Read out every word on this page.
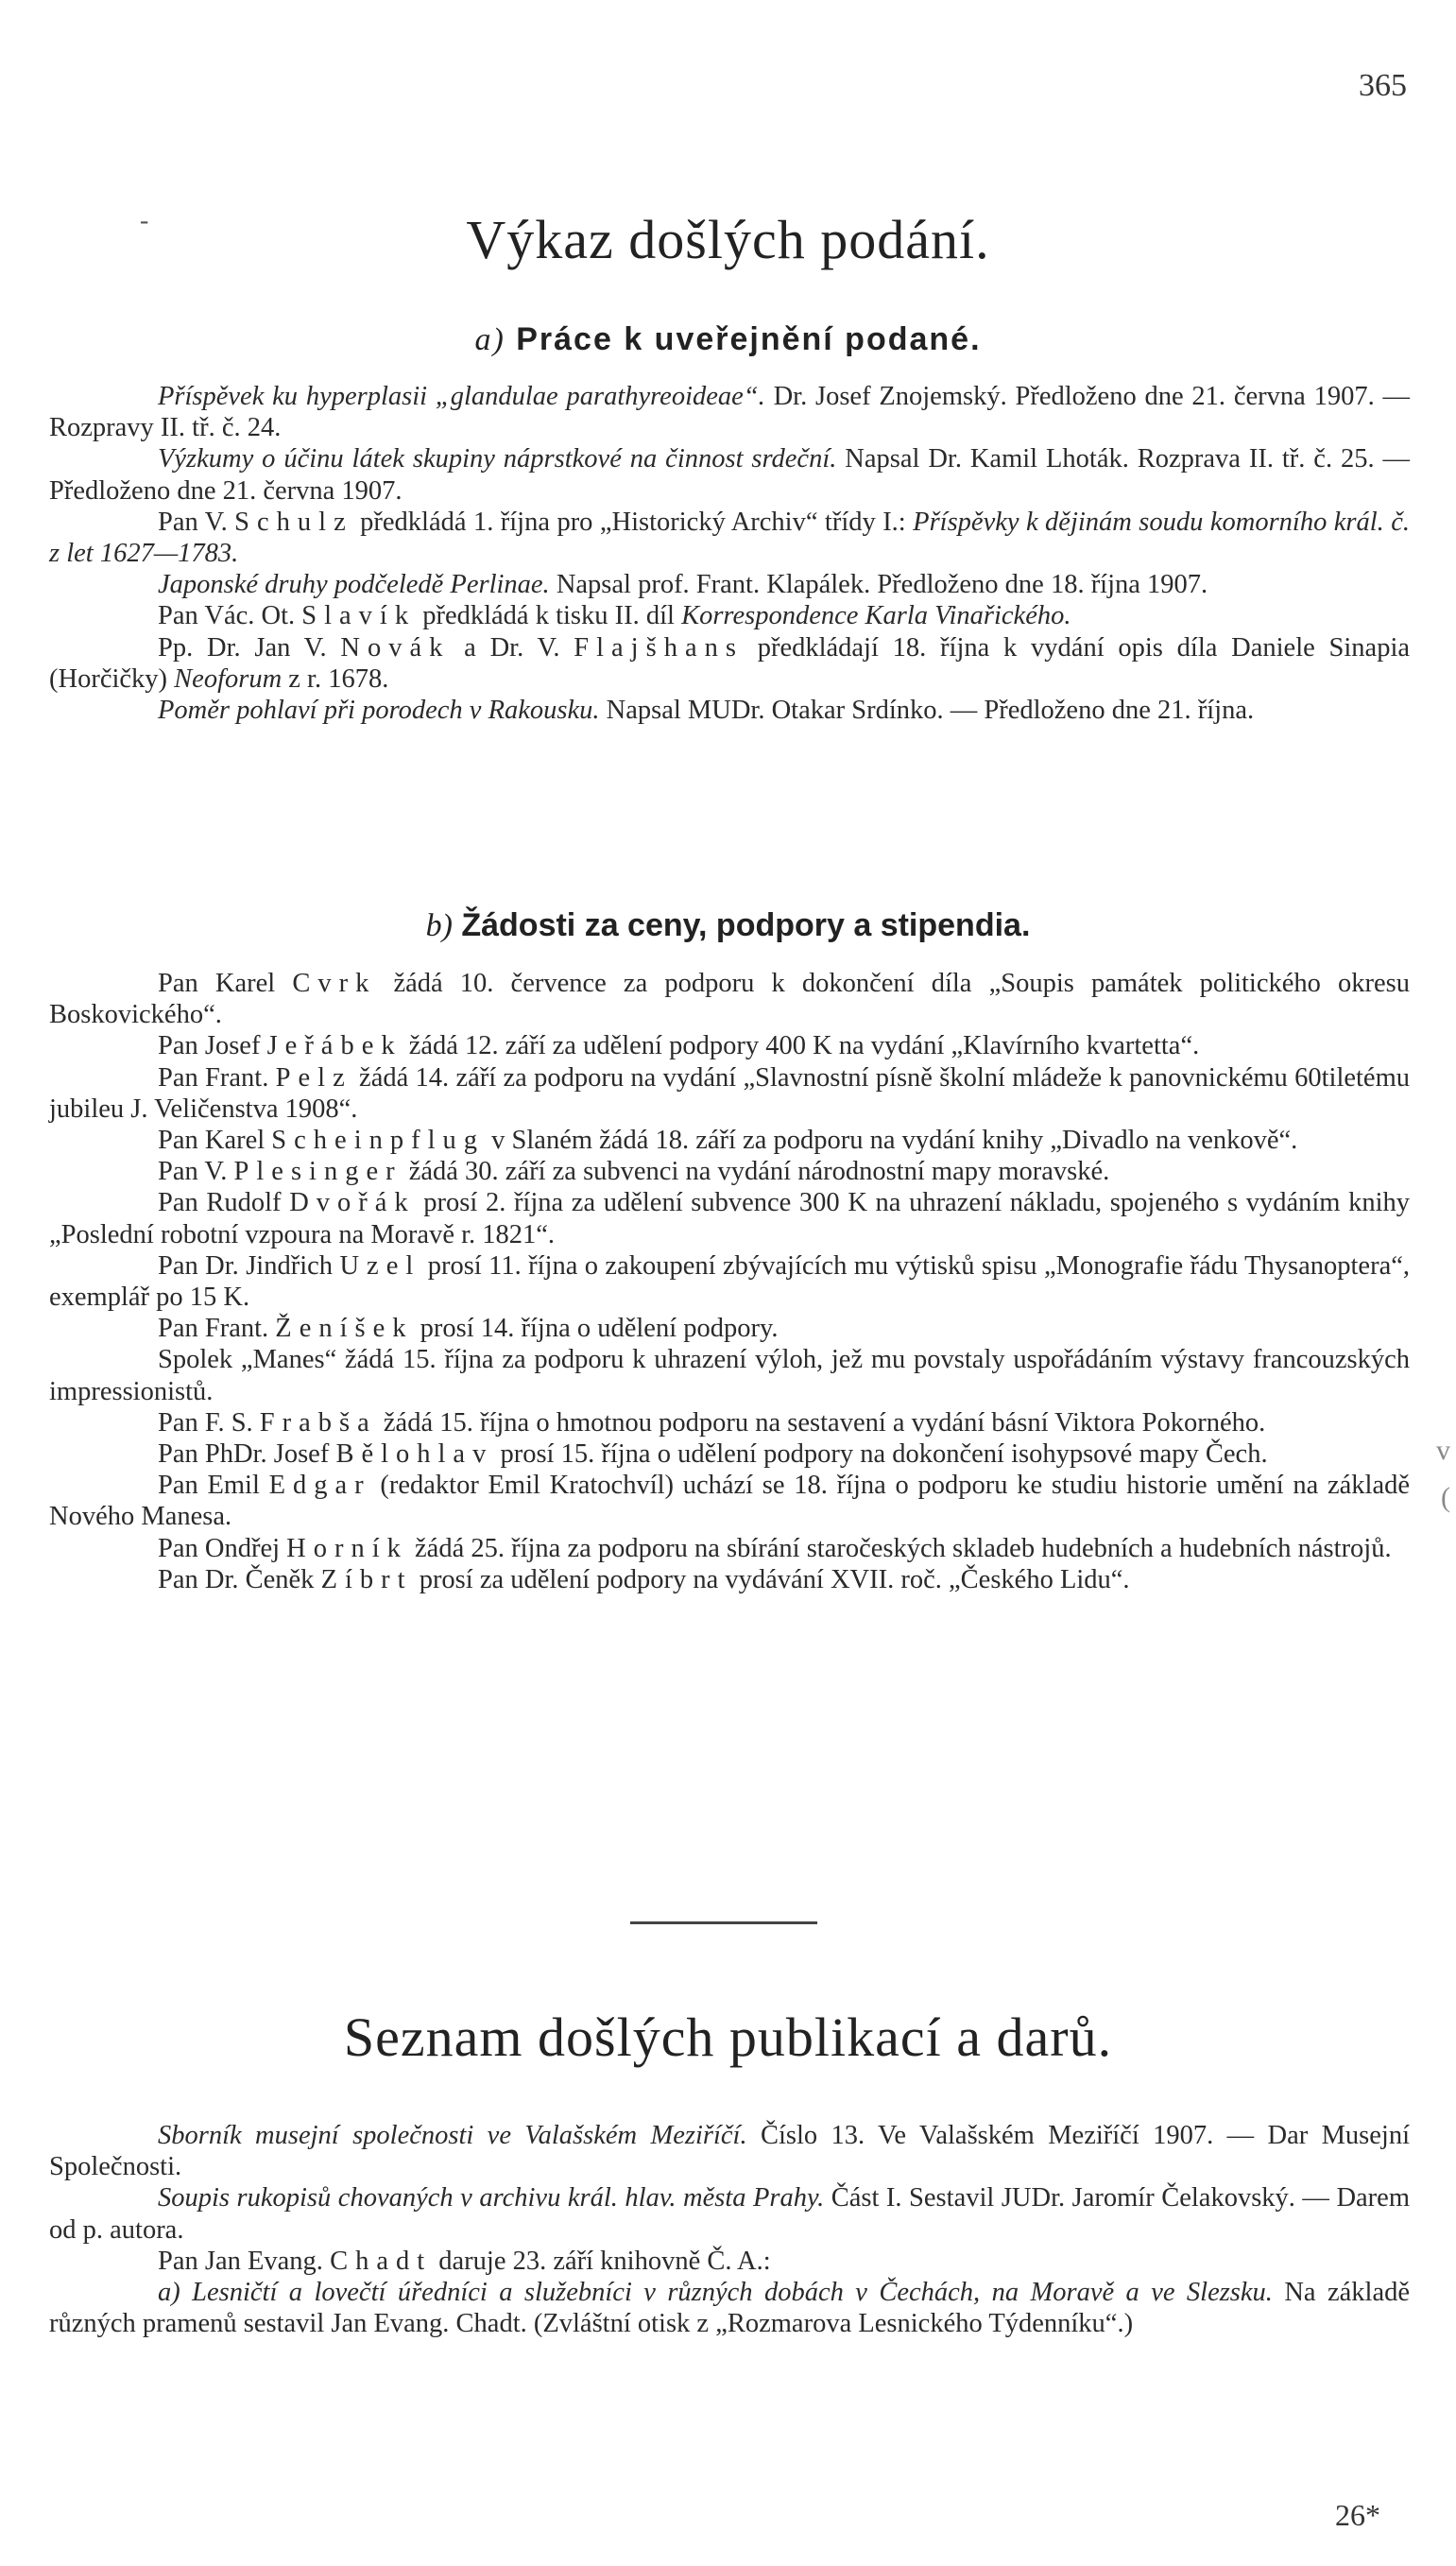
365
-	Výkaz došlých podání.
a) Práce k uveřejnění podané.

Příspěvek ku hyperplasii „glandulae parathyreoideae“. Dr. Josef Znojemský. Předloženo dne 21. června 1907. — Rozpravy II. tř. č. 24.

Výzkumy o účinu látek skupiny náprstkové na činnost srdeční. Napsal Dr. Kamil Lhoták. Rozprava II. tř. č. 25. — Předloženo dne 21. června 1907.

Pan V. Schulz předkládá 1. října pro „Historický Archiv“ třídy I.: Příspěvky k dějinám soudu komorního král. č. z let 1627—1783.

Japonské druhy podčeledě Perlinae. Napsal prof. Frant. Klapálek. Předloženo dne 18. října 1907.

Pan Vác. Ot. Slavík předkládá k tisku II. díl Korrespondence Karla Vinařického.

Pp. Dr. Jan V. Novák a Dr. V. Flajšhans předkládají 18. října k vydání opis díla Daniele Sinapia (Horčičky) Neoforum z r. 1678.

Poměr pohlaví při porodech v Rakousku. Napsal MUDr. Otakar Srdínko. — Předloženo dne 21. října.

b) Žádosti za ceny, podpory a stipendia.

Pan Karel Cvrk žádá 10. července za podporu k dokončení díla „Soupis památek politického okresu Boskovického“.

Pan Josef Jeřábek žádá 12. září za udělení podpory 400 K na vydání „Klavírního kvartetta“.

Pan Frant. Pelz žádá 14. září za podporu na vydání „Slavnostní písně školní mládeže k panovnickému 60tiletému jubileu J. Veličenstva 1908“.

Pan Karel Scheinpflug v Slaném žádá 18. září za podporu na vydání knihy „Divadlo na venkově“.

Pan V. Plesinger žádá 30. září za subvenci na vydání národnostní mapy moravské.

Pan Rudolf Dvořák prosí 2. října za udělení subvence 300 K na uhrazení nákladu, spojeného s vydáním knihy „Poslední robotní vzpoura na Moravě r. 1821“.

Pan Dr. Jindřich Uzel prosí 11. října o zakoupení zbývajících mu výtisků spisu „Monografie řádu Thysanoptera“, exemplář po 15 K.

Pan Frant. Ženíšek prosí 14. října o udělení podpory.

Spolek „Manes“ žádá 15. října za podporu k uhrazení výloh, jež mu povstaly uspořádáním výstavy francouzských impressionistů.

Pan F. S. Frabša žádá 15. října o hmotnou podporu na sestavení a vydání básní Viktora Pokorného.

Pan PhDr. Josef Bělohlav prosí 15. října o udělení podpory na dokončení isohypsové mapy Čech.

Pan Emil Edgar (redaktor Emil Kratochvíl) uchází se 18. října o podporu ke studiu historie umění na základě Nového Manesa.

Pan Ondřej Horník žádá 25. října za podporu na sbírání staročeských skladeb hudebních a hudebních nástrojů.

Pan Dr. Čeněk Zíbrt prosí za udělení podpory na vydávání XVII. roč. „Českého Lidu“.

v
(
Seznam došlých publikací a darů.

Sborník musejní společnosti ve Valašském Meziříčí. Číslo 13. Ve Valašském Meziříčí 1907. — Dar Musejní Společnosti.

Soupis rukopisů chovaných v archivu král. hlav. města Prahy. Část I. Sestavil JUDr. Jaromír Čelakovský. — Darem od p. autora.

Pan Jan Evang. Chadt daruje 23. září knihovně Č. A.:

a) Lesničtí a lovečtí úředníci a služebníci v různých dobách v Čechách, na Moravě a ve Slezsku. Na základě různých pramenů sestavil Jan Evang. Chadt. (Zvláštní otisk z „Rozmarova Lesnického Týdenníku“.)

26*
